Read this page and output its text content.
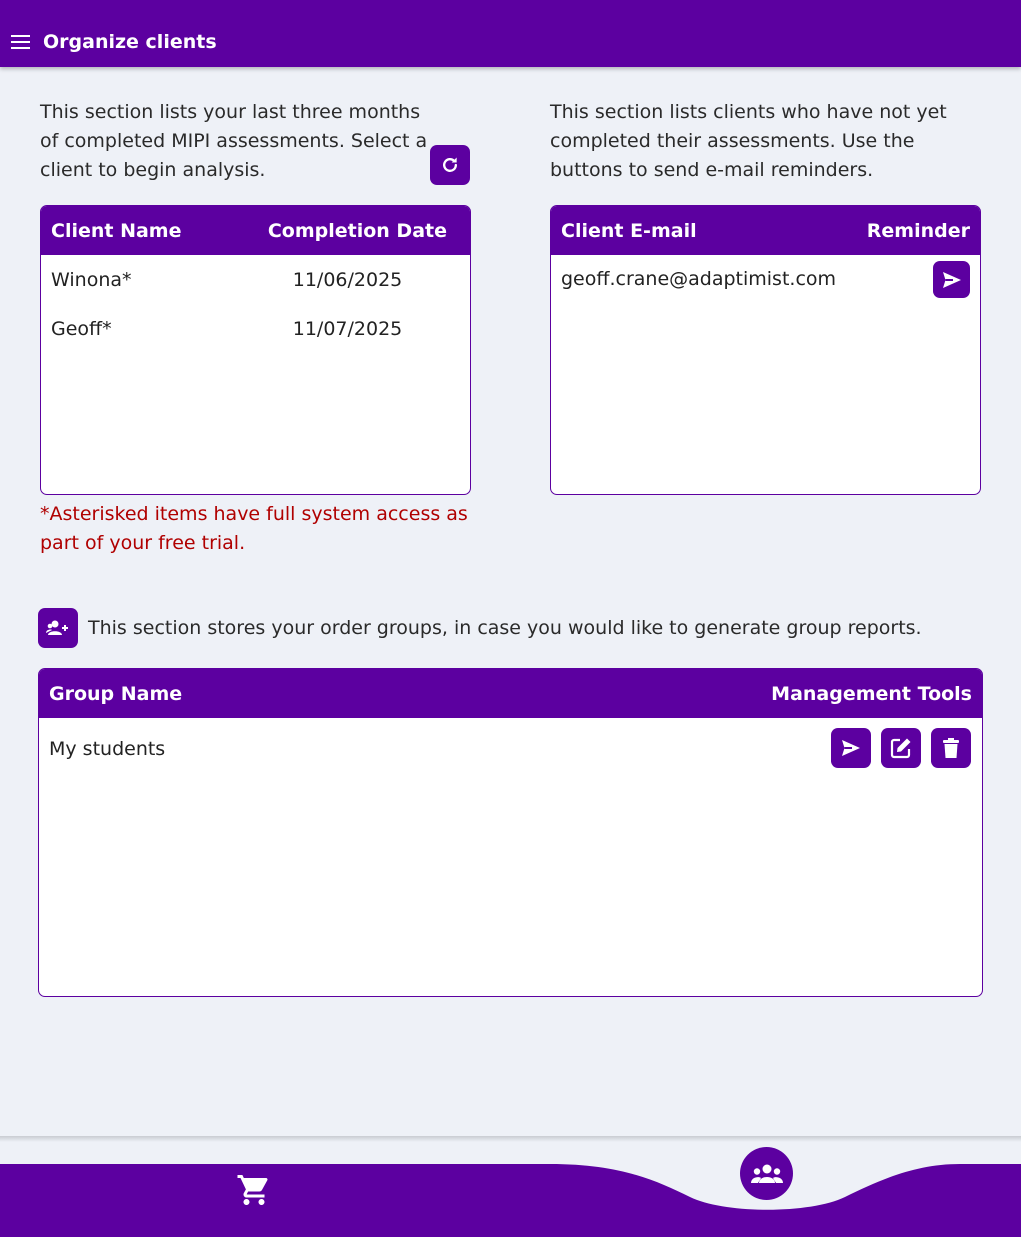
Organize clients
This section lists your last three months of completed MIPI assessments. Select a client to begin analysis.
Client Name	Completion Date
Winona*	11/06/2025
Geoff*	11/07/2025
*Asterisked items have full system access as part of your free trial.
This section lists clients who have not yet completed their assessments. Use the buttons to send e-mail reminders.
Client E-mail	Reminder
geoff.crane@adaptimist.com
This section stores your order groups, in case you would like to generate group reports.
Group Name	Management Tools
My students
